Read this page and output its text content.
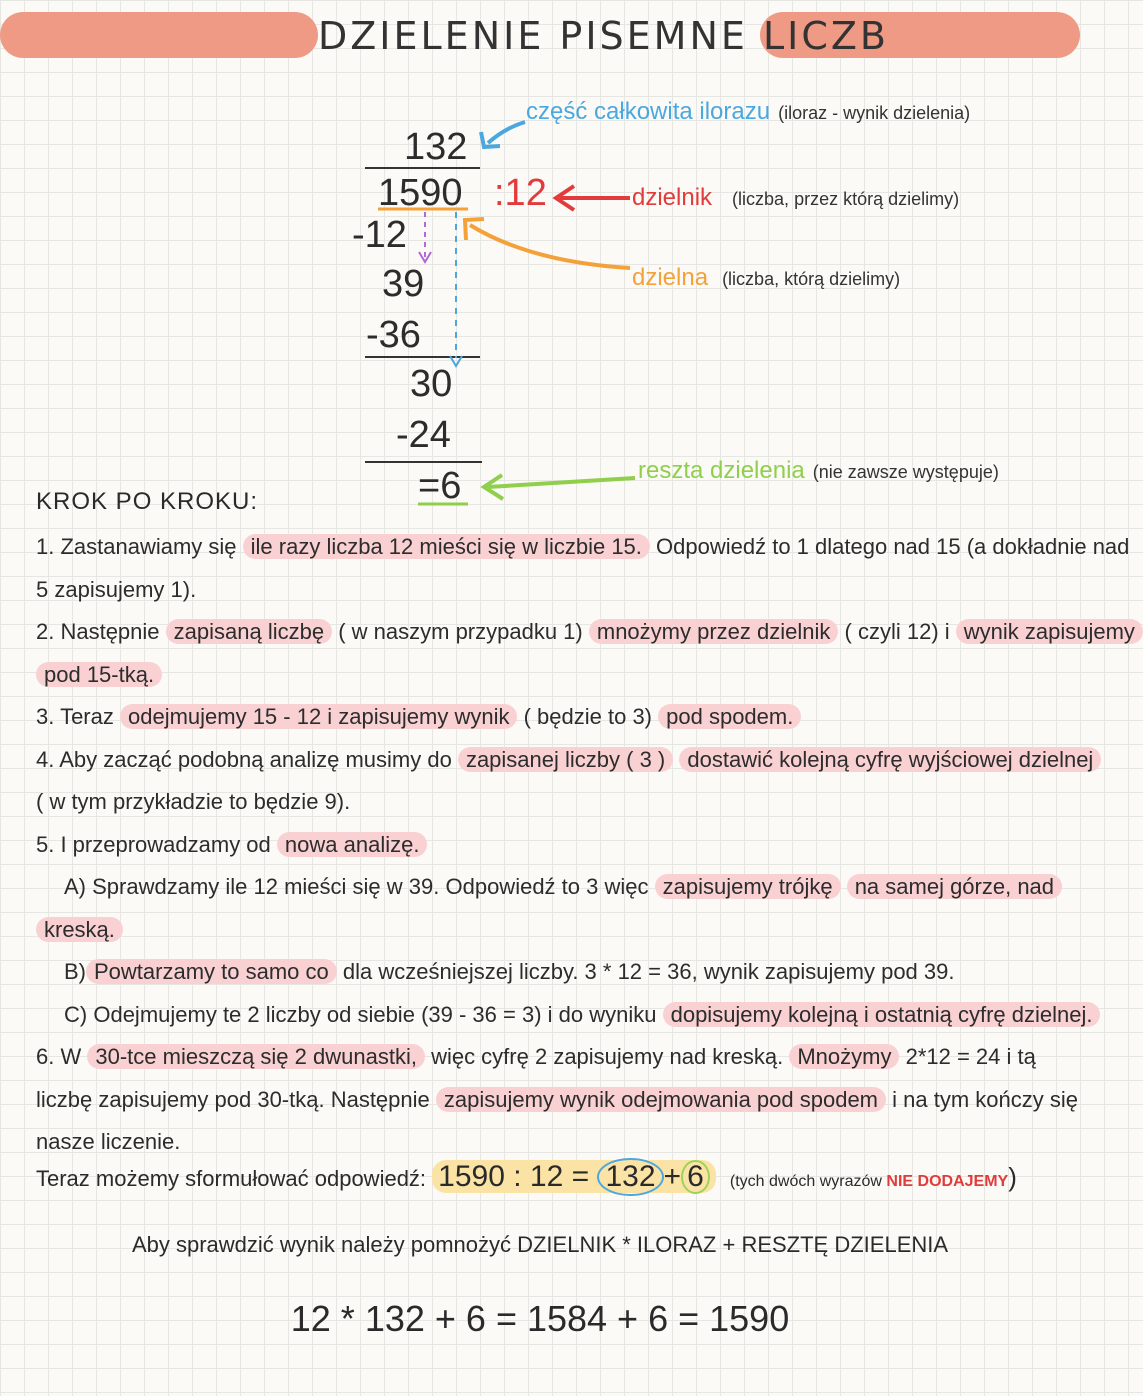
DZIELENIE PISEMNE LICZB
132
1590 :12
-12
39
-36
30
-24
=6
część całkowita ilorazu (iloraz - wynik dzielenia)
dzielnik (liczba, przez którą dzielimy)
dzielna (liczba, którą dzielimy)
reszta dzielenia (nie zawsze występuje)
KROK PO KROKU:
1. Zastanawiamy się ile razy liczba 12 mieści się w liczbie 15. Odpowiedź to 1 dlatego nad 15 (a dokładnie nad
5 zapisujemy 1).
2. Następnie zapisaną liczbę ( w naszym przypadku 1) mnożymy przez dzielnik ( czyli 12) i wynik zapisujemy
pod 15-tką.
3. Teraz odejmujemy 15 - 12 i zapisujemy wynik ( będzie to 3) pod spodem.
4. Aby zacząć podobną analizę musimy do zapisanej liczby ( 3 ) dostawić kolejną cyfrę wyjściowej dzielnej
( w tym przykładzie to będzie 9).
5. I przeprowadzamy od nowa analizę.
A) Sprawdzamy ile 12 mieści się w 39. Odpowiedź to 3 więc zapisujemy trójkę na samej górze, nad
kreską.
B) Powtarzamy to samo co dla wcześniejszej liczby. 3 * 12 = 36, wynik zapisujemy pod 39.
C) Odejmujemy te 2 liczby od siebie (39 - 36 = 3) i do wyniku dopisujemy kolejną i ostatnią cyfrę dzielnej.
6. W 30-tce mieszczą się 2 dwunastki, więc cyfrę 2 zapisujemy nad kreską. Mnożymy 2*12 = 24 i tą
liczbę zapisujemy pod 30-tką. Następnie zapisujemy wynik odejmowania pod spodem i na tym kończy się
nasze liczenie.
Teraz możemy sformułować odpowiedź: 1590 : 12 = 132 + 6 (tych dwóch wyrazów NIE DODAJEMY)
Aby sprawdzić wynik należy pomnożyć DZIELNIK * ILORAZ + RESZTĘ DZIELENIA
12 * 132 + 6 = 1584 + 6 = 1590
